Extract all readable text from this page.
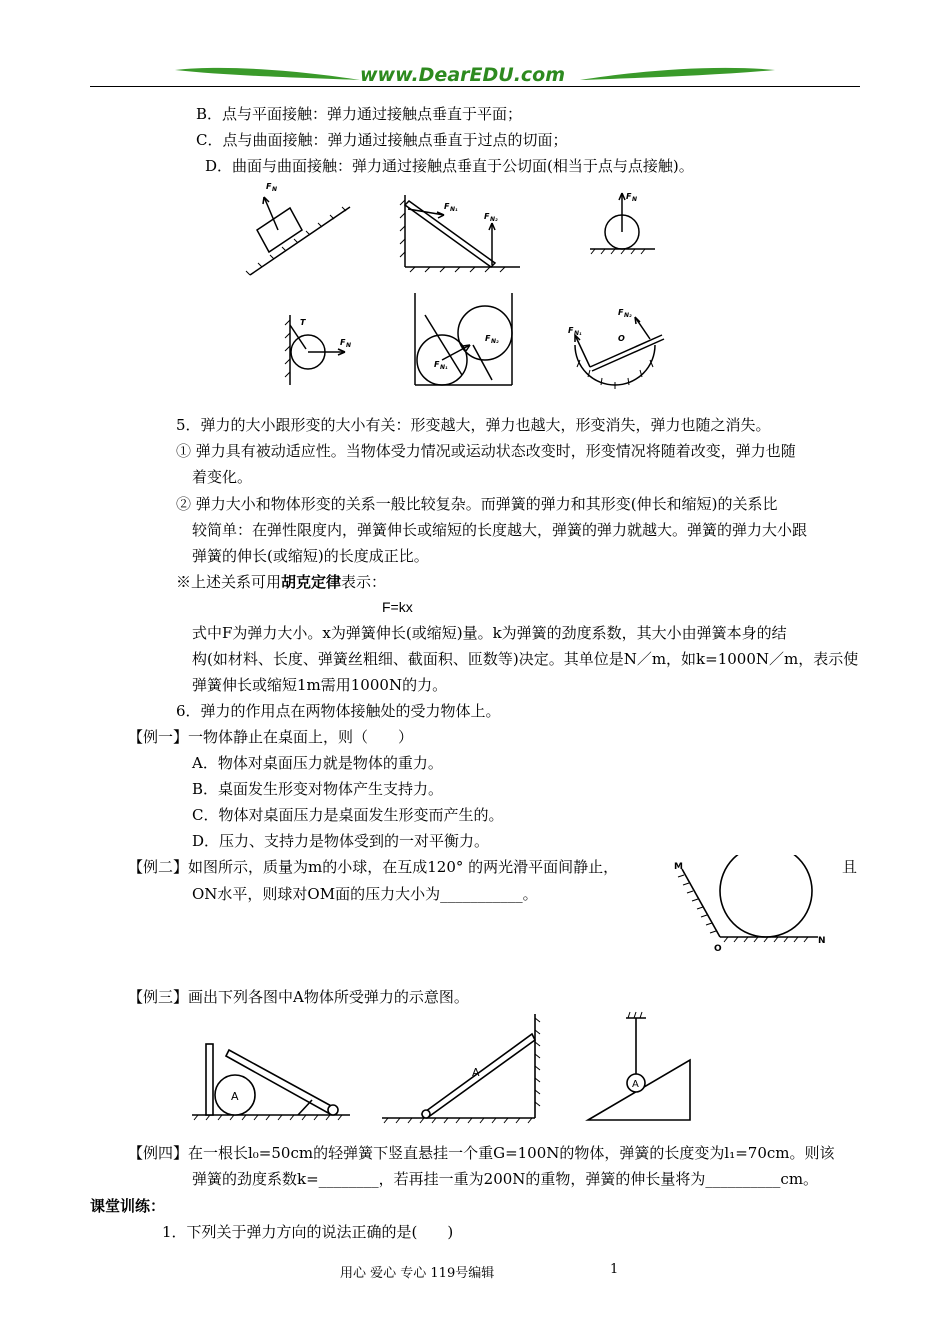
www.DearEDU.com
B．点与平面接触：弹力通过接触点垂直于平面；
C．点与曲面接触：弹力通过接触点垂直于过点的切面；
D．曲面与曲面接触：弹力通过接触点垂直于公切面(相当于点与点接触)。
F N
F N₁
F N₂
F N
T
F N
F N₂
F N₁
F N₁
F N₂
O
5．弹力的大小跟形变的大小有关：形变越大，弹力也越大，形变消失，弹力也随之消失。
① 弹力具有被动适应性。当物体受力情况或运动状态改变时，形变情况将随着改变，弹力也随
着变化。
② 弹力大小和物体形变的关系一般比较复杂。而弹簧的弹力和其形变(伸长和缩短)的关系比
较简单：在弹性限度内，弹簧伸长或缩短的长度越大，弹簧的弹力就越大。弹簧的弹力大小跟
弹簧的伸长(或缩短)的长度成正比。
※上述关系可用胡克定律表示：
F=kx
式中F为弹力大小。x为弹簧伸长(或缩短)量。k为弹簧的劲度系数，其大小由弹簧本身的结
构(如材料、长度、弹簧丝粗细、截面积、匝数等)决定。其单位是N／m，如k=1000N／m，表示使
弹簧伸长或缩短1m需用1000N的力。
6．弹力的作用点在两物体接触处的受力物体上。
【例一】一物体静止在桌面上，则（　　）
A．物体对桌面压力就是物体的重力。
B．桌面发生形变对物体产生支持力。
C．物体对桌面压力是桌面发生形变而产生的。
D．压力、支持力是物体受到的一对平衡力。
【例二】如图所示，质量为m的小球，在互成120° 的两光滑平面间静止，	且
ON水平，则球对OM面的压力大小为___________。
M
O
N
【例三】画出下列各图中A物体所受弹力的示意图。
A
A
A
【例四】在一根长l₀=50cm的轻弹簧下竖直悬挂一个重G=100N的物体，弹簧的长度变为l₁=70cm。则该
弹簧的劲度系数k=________，若再挂一重为200N的重物，弹簧的伸长量将为__________cm。
课堂训练：
1．下列关于弹力方向的说法正确的是(　　)
用心 爱心 专心 119号编辑	1
